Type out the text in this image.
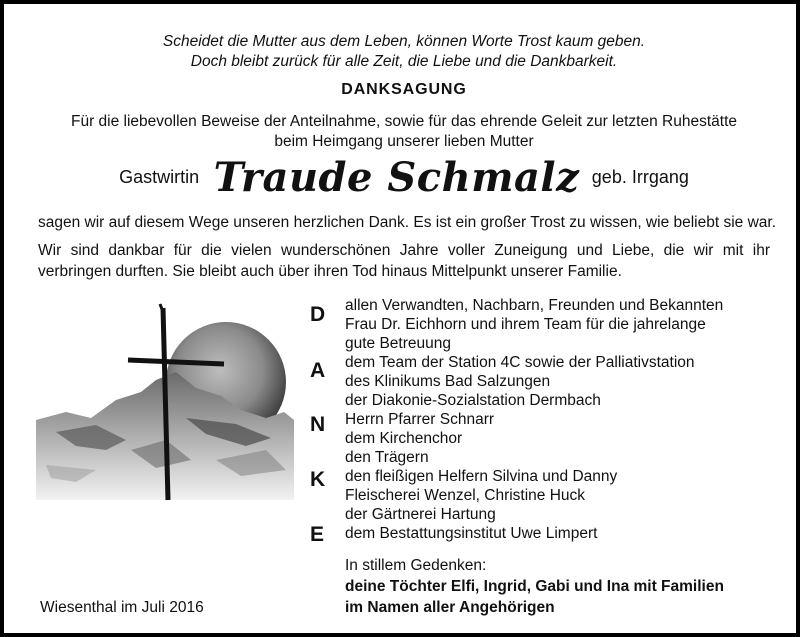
Scheidet die Mutter aus dem Leben, können Worte Trost kaum geben.
Doch bleibt zurück für alle Zeit, die Liebe und die Dankbarkeit.
DANKSAGUNG
Für die liebevollen Beweise der Anteilnahme, sowie für das ehrende Geleit zur letzten Ruhestätte
beim Heimgang unserer lieben Mutter
Gastwirtin Traude Schmalz geb. Irrgang
sagen wir auf diesem Wege unseren herzlichen Dank. Es ist ein großer Trost zu wissen, wie beliebt sie war.
Wir sind dankbar für die vielen wunderschönen Jahre voller Zuneigung und Liebe, die wir mit ihr verbringen durften. Sie bleibt auch über ihren Tod hinaus Mittelpunkt unserer Familie.
D
A
N
K
E
allen Verwandten, Nachbarn, Freunden und Bekannten
Frau Dr. Eichhorn und ihrem Team für die jahrelange
gute Betreuung
dem Team der Station 4C sowie der Palliativstation
des Klinikums Bad Salzungen
der Diakonie-Sozialstation Dermbach
Herrn Pfarrer Schnarr
dem Kirchenchor
den Trägern
den fleißigen Helfern Silvina und Danny
Fleischerei Wenzel, Christine Huck
der Gärtnerei Hartung
dem Bestattungsinstitut Uwe Limpert
In stillem Gedenken:
deine Töchter Elfi, Ingrid, Gabi und Ina mit Familien
im Namen aller Angehörigen
Wiesenthal im Juli 2016
